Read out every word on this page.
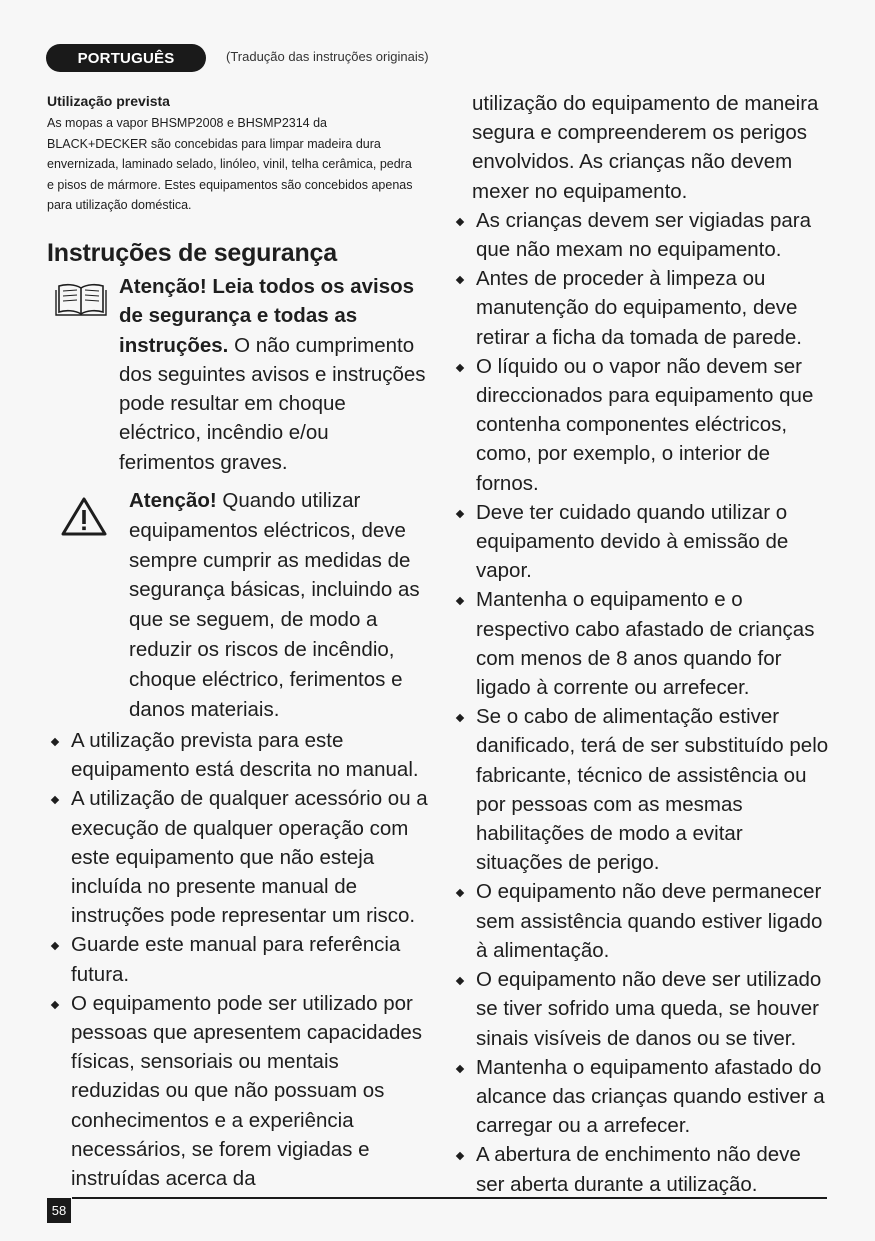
PORTUGUÊS	(Tradução das instruções originais)

Utilização prevista

As mopas a vapor BHSMP2008 e BHSMP2314 da BLACK+DECKER são concebidas para limpar madeira dura envernizada, laminado selado, linóleo, vinil, telha cerâmica, pedra e pisos de mármore. Estes equipamentos são concebidos apenas para utilização doméstica.

Instruções de segurança
Atenção! Leia todos os avisos de segurança e todas as instruções. O não cumprimento dos seguintes avisos e instruções pode resultar em choque eléctrico, incêndio e/ou ferimentos graves.
Atenção! Quando utilizar equipamentos eléctricos, deve sempre cumprir as medidas de segurança básicas, incluindo as que se seguem, de modo a reduzir os riscos de incêndio, choque eléctrico, ferimentos e danos materiais.
A utilização prevista para este equipamento está descrita no manual.
A utilização de qualquer acessório ou a execução de qualquer operação com este equipamento que não esteja incluída no presente manual de instruções pode representar um risco.
Guarde este manual para referência futura.
O equipamento pode ser utilizado por pessoas que apresentem capacidades físicas, sensoriais ou mentais reduzidas ou que não possuam os conhecimentos e a experiência necessários, se forem vigiadas e instruídas acerca da

utilização do equipamento de maneira segura e compreenderem os perigos envolvidos. As crianças não devem mexer no equipamento.

As crianças devem ser vigiadas para que não mexam no equipamento.
Antes de proceder à limpeza ou manutenção do equipamento, deve retirar a ficha da tomada de parede.
O líquido ou o vapor não devem ser direccionados para equipamento que contenha componentes eléctricos, como, por exemplo, o interior de fornos.
Deve ter cuidado quando utilizar o equipamento devido à emissão de vapor.
Mantenha o equipamento e o respectivo cabo afastado de crianças com menos de 8 anos quando for ligado à corrente ou arrefecer.
Se o cabo de alimentação estiver danificado, terá de ser substituído pelo fabricante, técnico de assistência ou por pessoas com as mesmas habilitações de modo a evitar situações de perigo.
O equipamento não deve permanecer sem assistência quando estiver ligado à alimentação.
O equipamento não deve ser utilizado se tiver sofrido uma queda, se houver sinais visíveis de danos ou se tiver.
Mantenha o equipamento afastado do alcance das crianças quando estiver a carregar ou a arrefecer.
A abertura de enchimento não deve ser aberta durante a utilização.
58
